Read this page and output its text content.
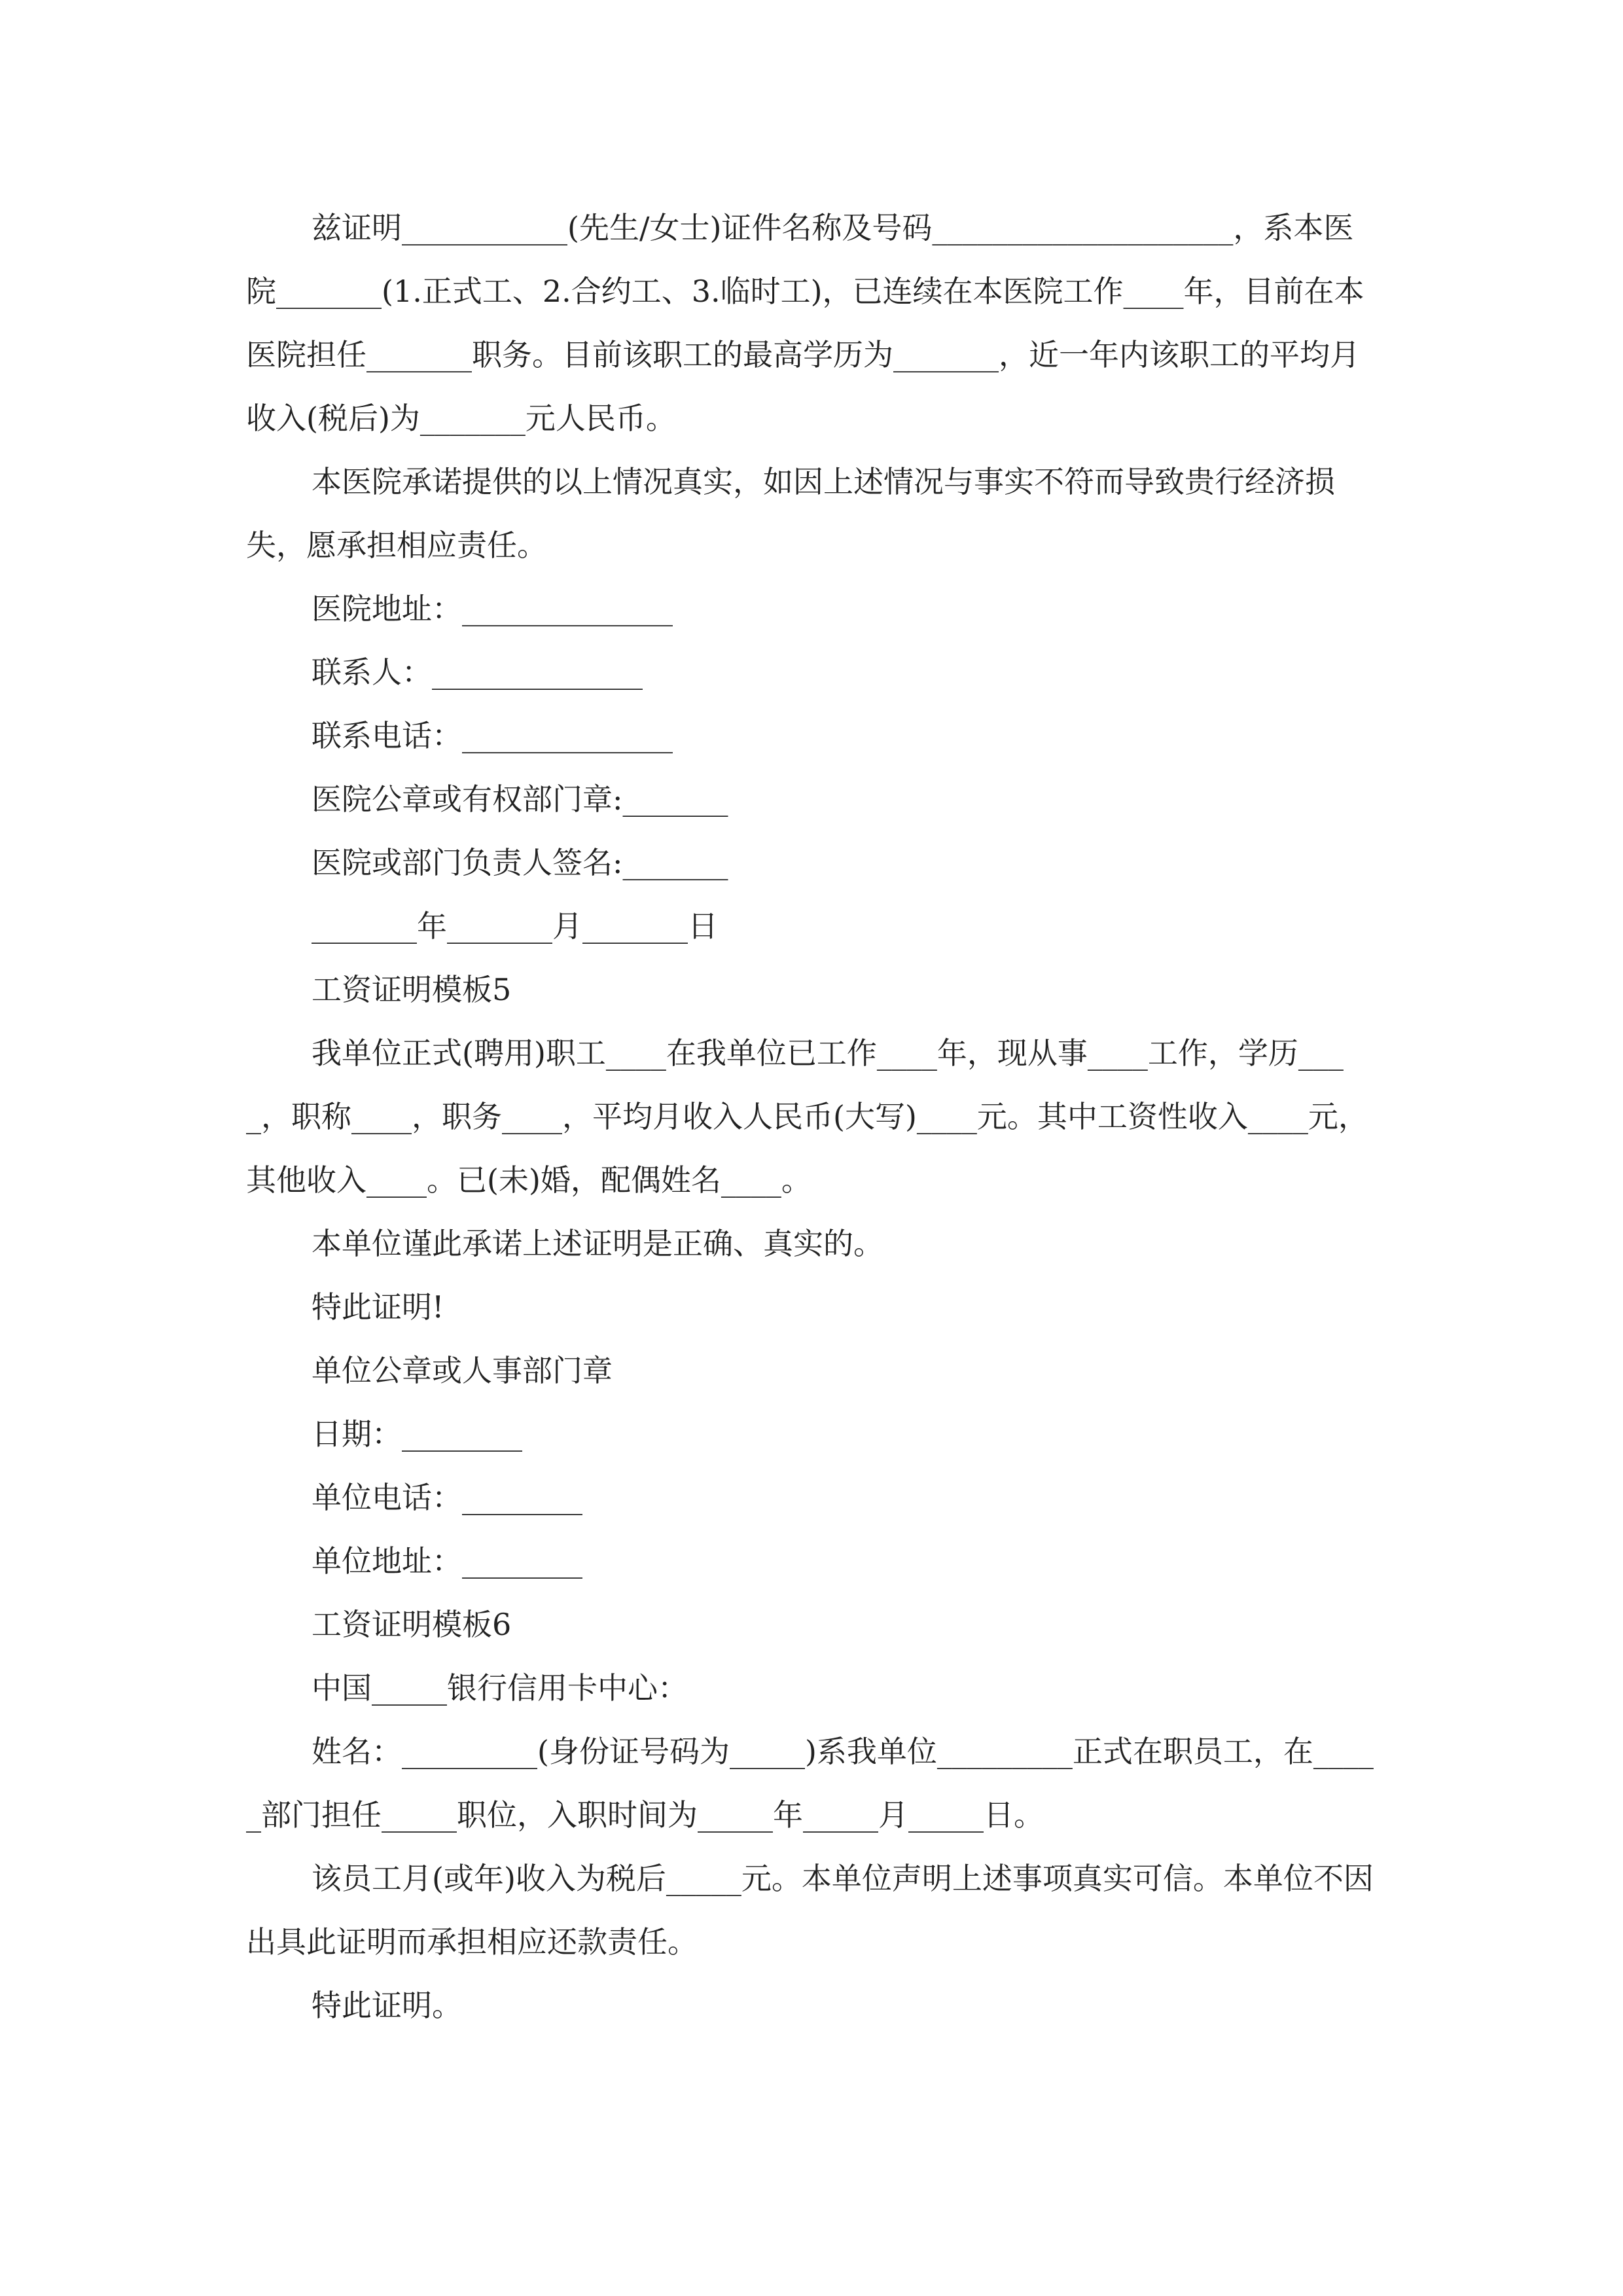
兹证明___________(先生/女士)证件名称及号码____________________，系本医院_______(1.正式工、2.合约工、3.临时工)，已连续在本医院工作____年，目前在本医院担任_______职务。目前该职工的最高学历为_______，近一年内该职工的平均月收入(税后)为_______元人民币。

本医院承诺提供的以上情况真实，如因上述情况与事实不符而导致贵行经济损失，愿承担相应责任。

医院地址：______________

联系人：______________

联系电话：______________

医院公章或有权部门章:_______

医院或部门负责人签名:_______

_______年_______月_______日

工资证明模板5

我单位正式(聘用)职工____在我单位已工作____年，现从事____工作，学历____，职称____，职务____，平均月收入人民币(大写)____元。其中工资性收入____元，其他收入____。已(未)婚，配偶姓名____。

本单位谨此承诺上述证明是正确、真实的。

特此证明!

单位公章或人事部门章

日期：________

单位电话：________

单位地址：________

工资证明模板6

中国_____银行信用卡中心：

姓名：_________(身份证号码为_____)系我单位_________正式在职员工，在_____部门担任_____职位，入职时间为_____年_____月_____日。

该员工月(或年)收入为税后_____元。本单位声明上述事项真实可信。本单位不因出具此证明而承担相应还款责任。

特此证明。
